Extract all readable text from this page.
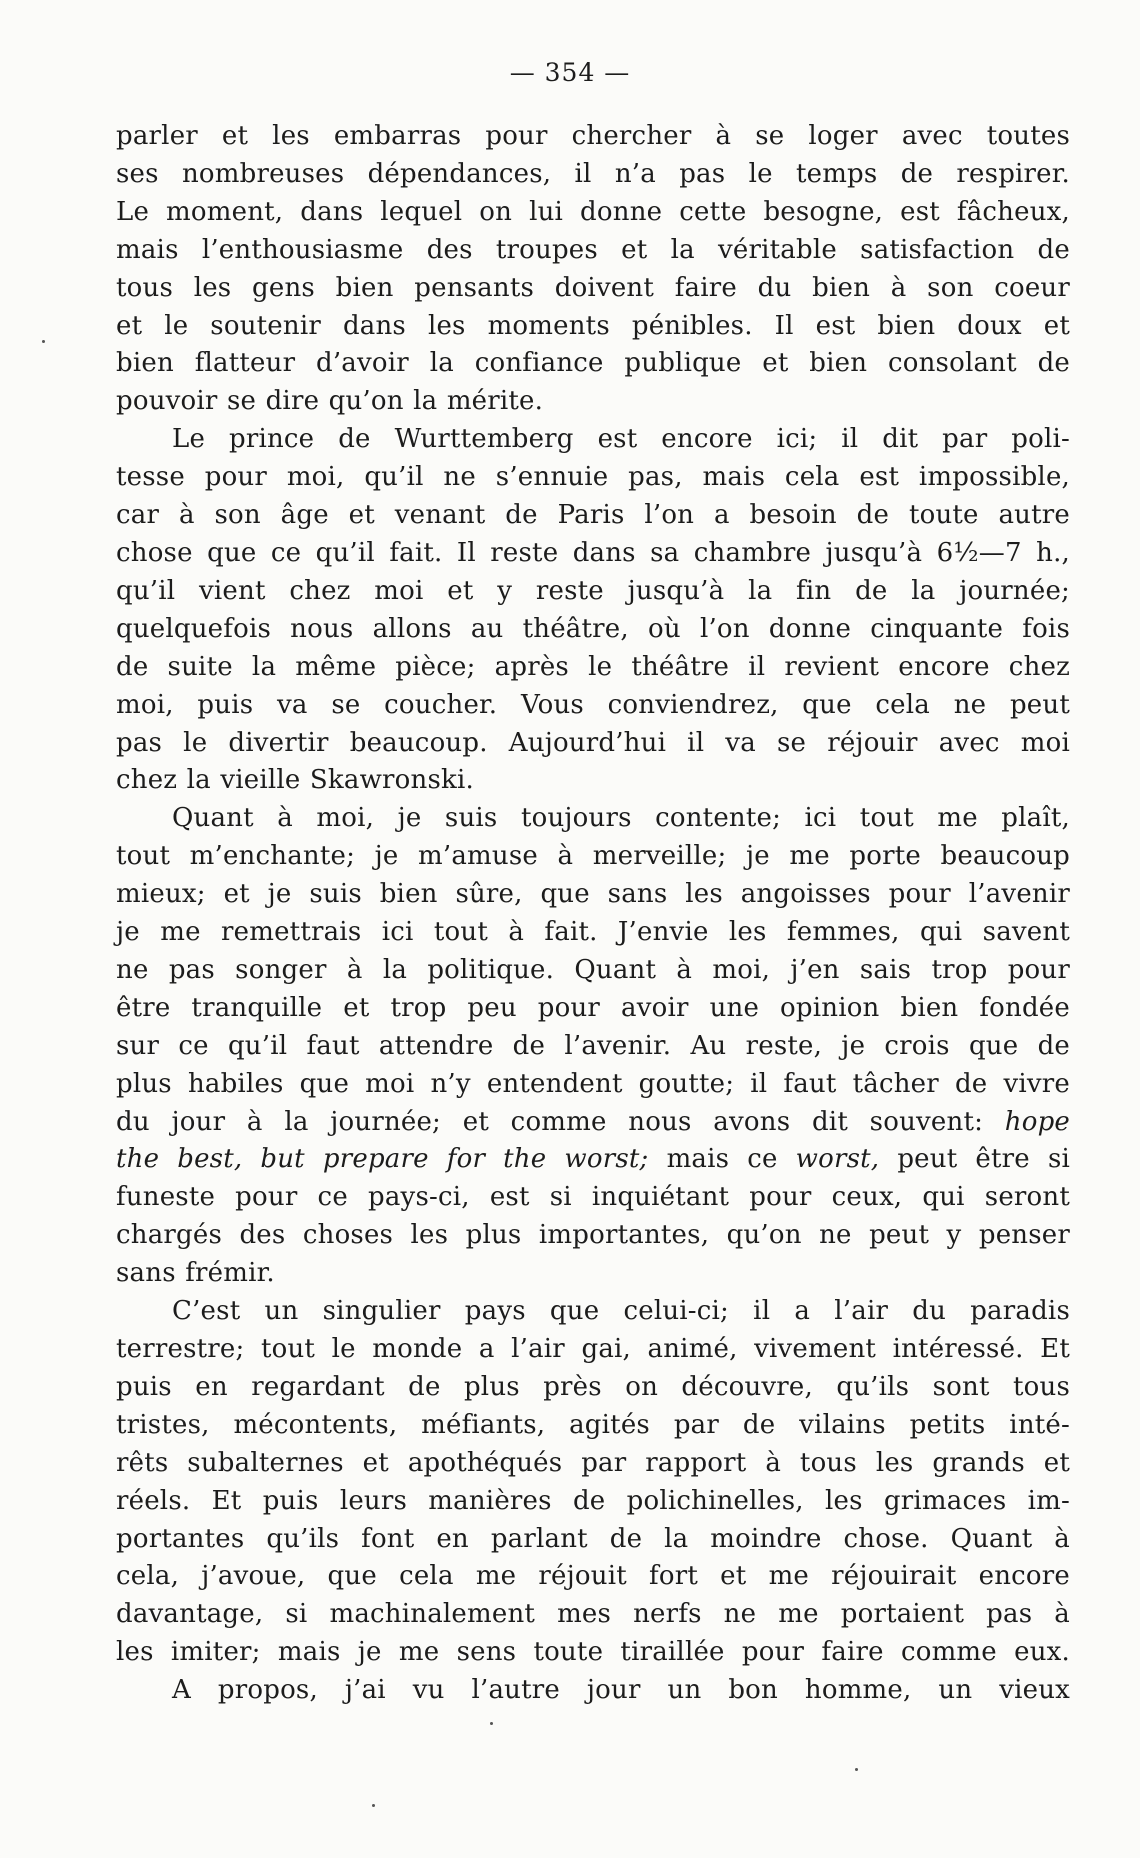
— 354 —

parler et les embarras pour chercher à se loger avec toutes
ses nombreuses dépendances, il n’a pas le temps de respirer.
Le moment, dans lequel on lui donne cette besogne, est fâcheux,
mais l’enthousiasme des troupes et la véritable satisfaction de
tous les gens bien pensants doivent faire du bien à son coeur
et le soutenir dans les moments pénibles. Il est bien doux et
bien flatteur d’avoir la confiance publique et bien consolant de
pouvoir se dire qu’on la mérite.

Le prince de Wurttemberg est encore ici; il dit par poli-
tesse pour moi, qu’il ne s’ennuie pas, mais cela est impossible,
car à son âge et venant de Paris l’on a besoin de toute autre
chose que ce qu’il fait. Il reste dans sa chambre jusqu’à 6½—7 h.,
qu’il vient chez moi et y reste jusqu’à la fin de la journée;
quelquefois nous allons au théâtre, où l’on donne cinquante fois
de suite la même pièce; après le théâtre il revient encore chez
moi, puis va se coucher. Vous conviendrez, que cela ne peut
pas le divertir beaucoup. Aujourd’hui il va se réjouir avec moi
chez la vieille Skawronski.

Quant à moi, je suis toujours contente; ici tout me plaît,
tout m’enchante; je m’amuse à merveille; je me porte beaucoup
mieux; et je suis bien sûre, que sans les angoisses pour l’avenir
je me remettrais ici tout à fait. J’envie les femmes, qui savent
ne pas songer à la politique. Quant à moi, j’en sais trop pour
être tranquille et trop peu pour avoir une opinion bien fondée
sur ce qu’il faut attendre de l’avenir. Au reste, je crois que de
plus habiles que moi n’y entendent goutte; il faut tâcher de vivre
du jour à la journée; et comme nous avons dit souvent: hope
the best, but prepare for the worst; mais ce worst, peut être si
funeste pour ce pays-ci, est si inquiétant pour ceux, qui seront
chargés des choses les plus importantes, qu’on ne peut y penser
sans frémir.

C’est un singulier pays que celui-ci; il a l’air du paradis
terrestre; tout le monde a l’air gai, animé, vivement intéressé. Et
puis en regardant de plus près on découvre, qu’ils sont tous
tristes, mécontents, méfiants, agités par de vilains petits inté-
rêts subalternes et apothéqués par rapport à tous les grands et
réels. Et puis leurs manières de polichinelles, les grimaces im-
portantes qu’ils font en parlant de la moindre chose. Quant à
cela, j’avoue, que cela me réjouit fort et me réjouirait encore
davantage, si machinalement mes nerfs ne me portaient pas à
les imiter; mais je me sens toute tiraillée pour faire comme eux.

A propos, j’ai vu l’autre jour un bon homme, un vieux
